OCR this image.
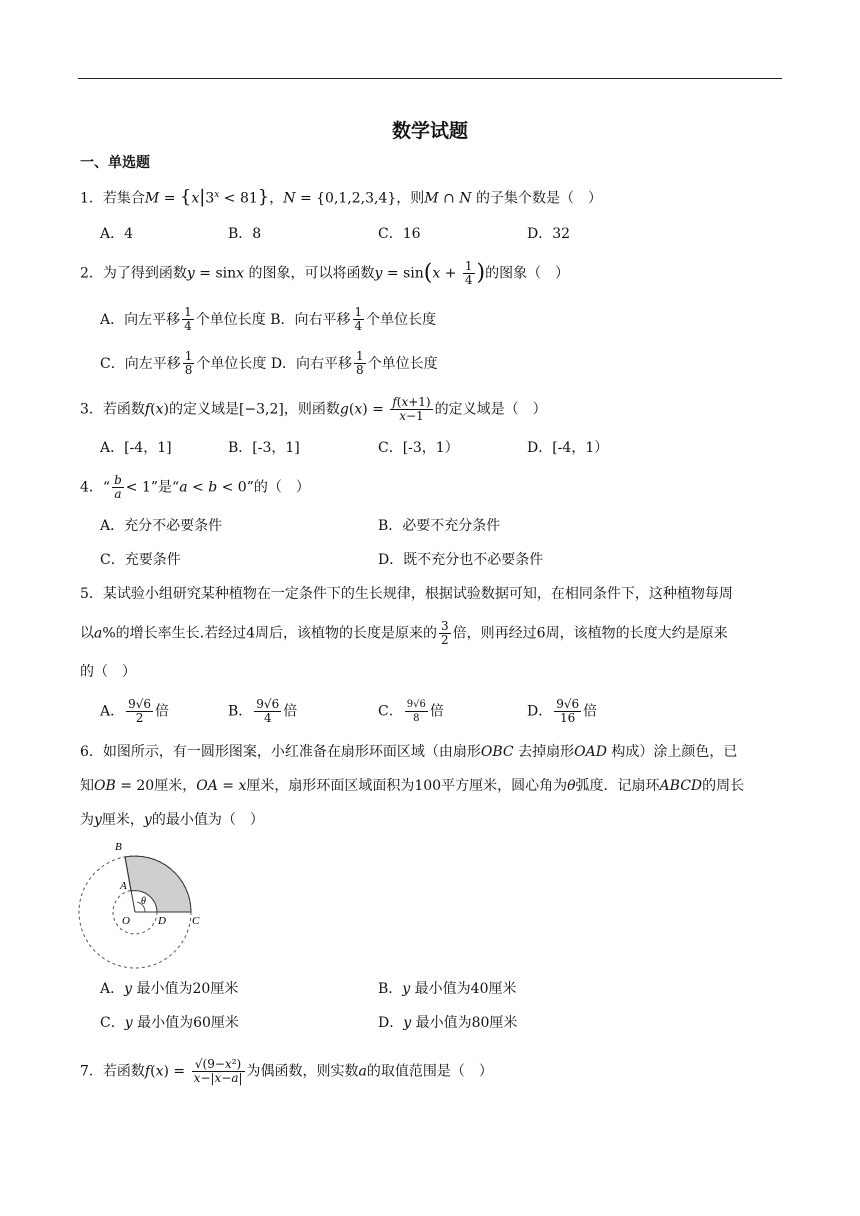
数学试题
一、单选题
1．若集合$M = \{x|3^x < 81\}$，N = {0,1,2,3,4}，则M ∩ N 的子集个数是（　）
A．4	B．8	C．16	D．32
2．为了得到函数y = sinx 的图象，可以将函数$y = \sin(x + \frac{1}{4}$ )的图象（　）
A．向左平移 $\frac{1}{4}$ 个单位长度 B．向右平移 $\frac{1}{4}$ 个单位长度
C．向左平移 $\frac{1}{8}$ 个单位长度 D．向右平移 $\frac{1}{8}$ 个单位长度
3．若函数f(x)的定义域是[−3,2]，则函数$g(x) = \frac{f(x+1)}{x-1}$ 的定义域是（　）
A．[-4，1]	B．[-3，1]	C．[-3，1）	D．[-4，1）
4．“ $\frac{b}{a} < 1$”是“a < b < 0”的（　）
A．充分不必要条件	B．必要不充分条件
C．充要条件	D．既不充分也不必要条件
5．某试验小组研究某种植物在一定条件下的生长规律，根据试验数据可知，在相同条件下，这种植物每周
以a%的增长率生长.若经过4周后，该植物的长度是原来的 $\frac{3}{2}$ 倍，则再经过6周，该植物的长度大约是原来
的（　）
A． $\frac{9√6}{2}$ 倍	B． $\frac{9√6}{4}$ 倍	C． $\frac{9√6}{8}$ 倍	D． $\frac{9√6}{16}$ 倍
6．如图所示，有一圆形图案，小红准备在扇形环面区域（由扇形OBC 去掉扇形OAD 构成）涂上颜色，已
知OB = 20厘米，OA = x厘米，扇形环面区域面积为100平方厘米，圆心角为θ弧度．记扇环ABCD的周长
为y厘米，y的最小值为（　）
B
A
θ
O	D C
A．y 最小值为20厘米	B．y 最小值为40厘米
C．y 最小值为60厘米	D．y 最小值为80厘米
7．若函数$f(x) = \frac{\text{√(9−x²)}}{x-|x-a|}$ 为偶函数，则实数a的取值范围是（　）
